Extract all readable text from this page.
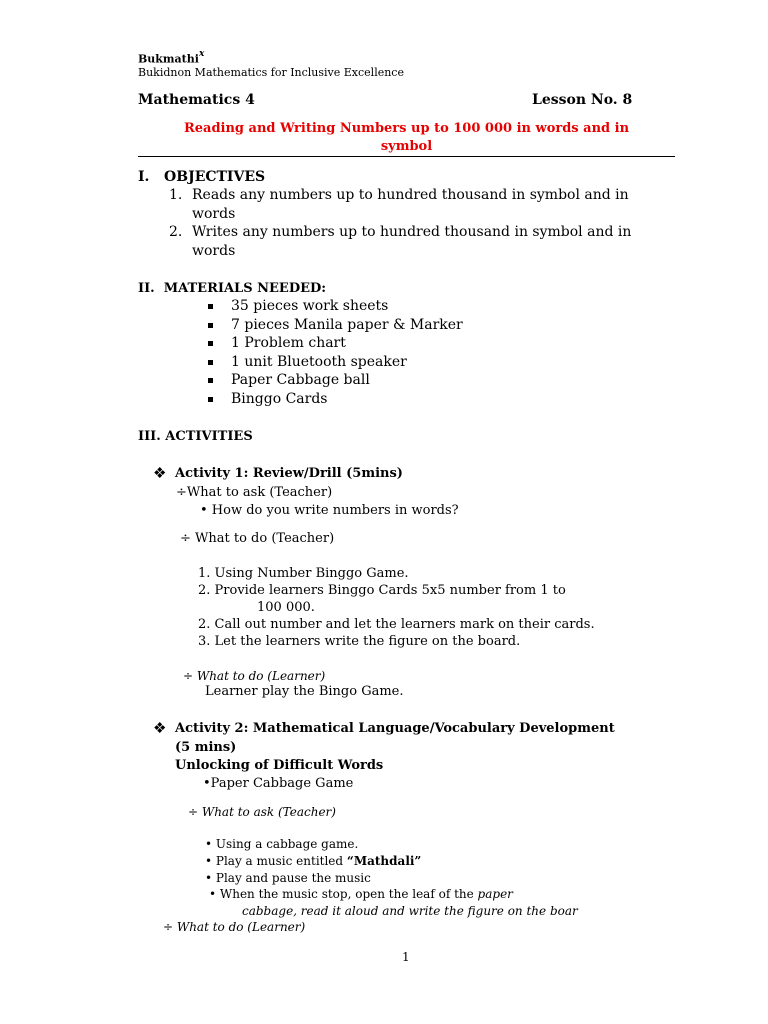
Bukmathi$^x$
Bukidnon Mathematics for Inclusive Excellence
Mathematics 4	Lesson No. 8
Reading and Writing Numbers up to 100 000 in words and in
symbol
I.   OBJECTIVES
1. Reads any numbers up to hundred thousand in symbol and in
words
2. Writes any numbers up to hundred thousand in symbol and in
words
II.  MATERIALS NEEDED:
35 pieces work sheets
7 pieces Manila paper & Marker
1 Problem chart
1 unit Bluetooth speaker
Paper Cabbage ball
Binggo Cards
III. ACTIVITIES
❖ Activity 1: Review/Drill (5mins)
÷What to ask (Teacher)
• How do you write numbers in words?
÷ What to do (Teacher)
1. Using Number Binggo Game.
2. Provide learners Binggo Cards 5x5 number from 1 to
100 000.
2. Call out number and let the learners mark on their cards.
3. Let the learners write the figure on the board.
÷ What to do (Learner)
Learner play the Bingo Game.
❖ Activity 2: Mathematical Language/Vocabulary Development
(5 mins)
Unlocking of Difficult Words
•Paper Cabbage Game
÷ What to ask (Teacher)
• Using a cabbage game.
• Play a music entitled “Mathdali”
• Play and pause the music
• When the music stop, open the leaf of the paper
cabbage, read it aloud and write the figure on the boar
÷ What to do (Learner)
1
